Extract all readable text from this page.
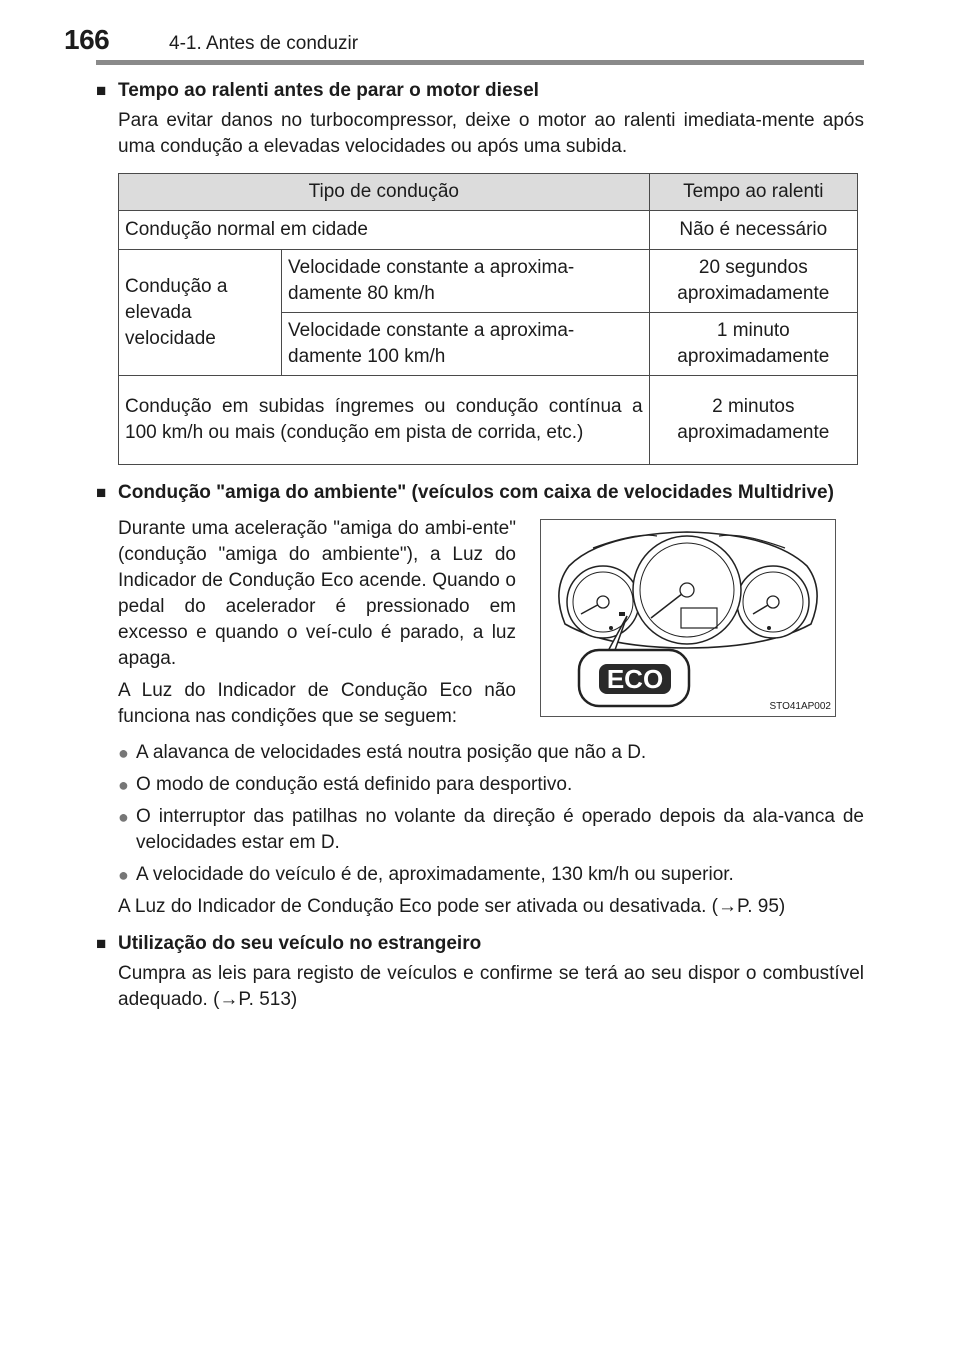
166	4-1. Antes de conduzir
■ Tempo ao ralenti antes de parar o motor diesel
Para evitar danos no turbocompressor, deixe o motor ao ralenti imediata-mente após uma condução a elevadas velocidades ou após uma subida.
Tipo de condução		Tempo ao ralenti
Condução normal em cidade		Não é necessário
Condução a elevada velocidade	Velocidade constante a aproxima-damente 80 km/h	20 segundos aproximadamente
	Velocidade constante a aproxima-damente 100 km/h	1 minuto aproximadamente
Condução em subidas íngremes ou condução contínua a 100 km/h ou mais (condução em pista de corrida, etc.)		2 minutos aproximadamente
■ Condução "amiga do ambiente" (veículos com caixa de velocidades Multidrive)

Durante uma aceleração "amiga do ambi-ente" (condução "amiga do ambiente"), a Luz do Indicador de Condução Eco acende. Quando o pedal do acelerador é pressionado em excesso e quando o veí-culo é parado, a luz apaga.

A Luz do Indicador de Condução Eco não funciona nas condições que se seguem:

ECO
STO41AP002
● A alavanca de velocidades está noutra posição que não a D.
● O modo de condução está definido para desportivo.
● O interruptor das patilhas no volante da direção é operado depois da ala-vanca de velocidades estar em D.
● A velocidade do veículo é de, aproximadamente, 130 km/h ou superior.
A Luz do Indicador de Condução Eco pode ser ativada ou desativada. (→P. 95)
■ Utilização do seu veículo no estrangeiro
Cumpra as leis para registo de veículos e confirme se terá ao seu dispor o combustível adequado. (→P. 513)
